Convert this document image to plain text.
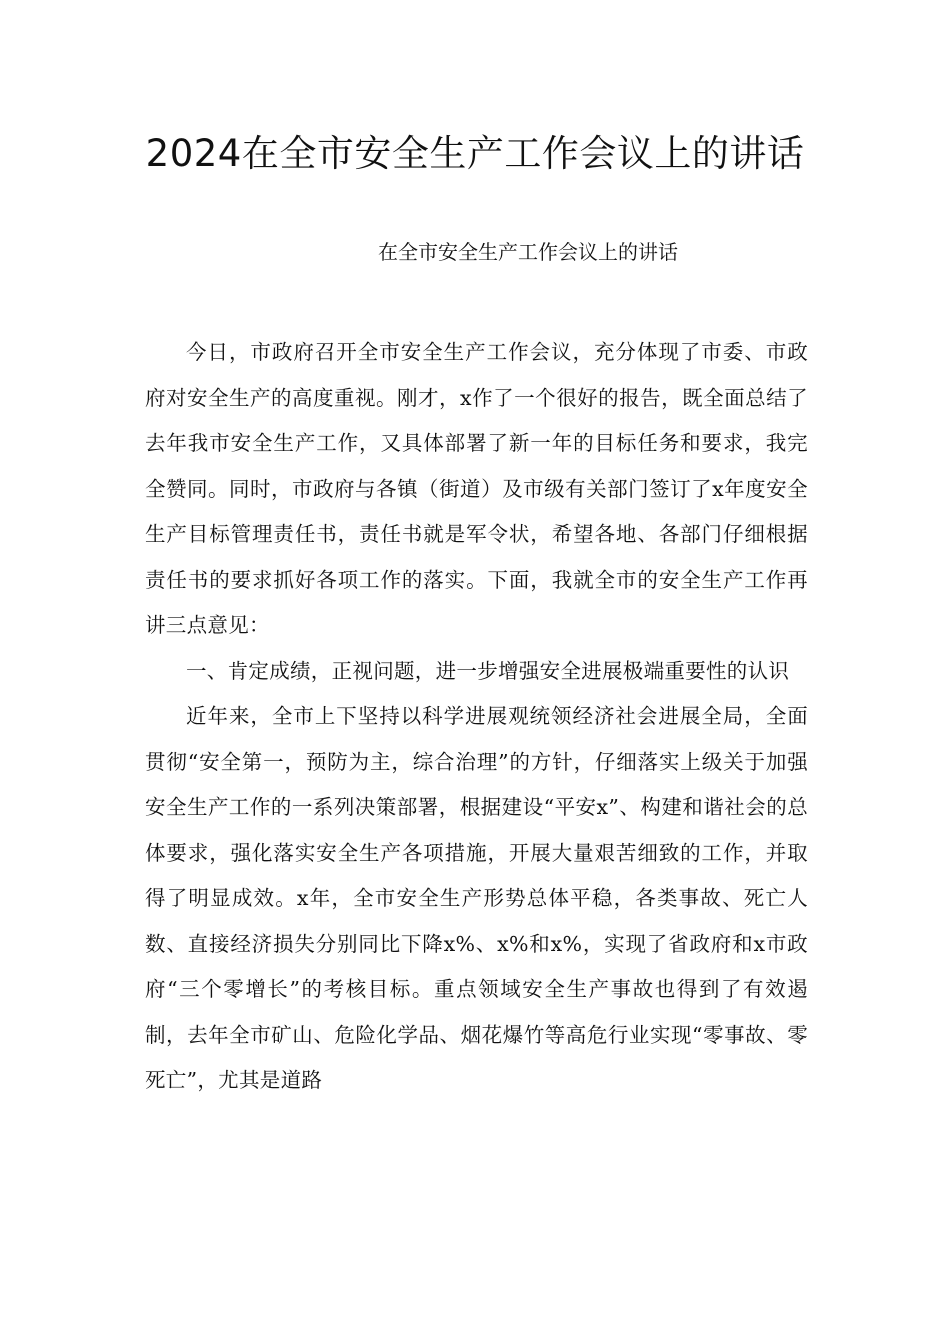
2024在全市安全生产工作会议上的讲话

在全市安全生产工作会议上的讲话

今日，市政府召开全市安全生产工作会议，充分体现了市委、市政府对安全生产的高度重视。刚才，x作了一个很好的报告，既全面总结了去年我市安全生产工作，又具体部署了新一年的目标任务和要求，我完全赞同。同时，市政府与各镇（街道）及市级有关部门签订了x年度安全生产目标管理责任书，责任书就是军令状，希望各地、各部门仔细根据责任书的要求抓好各项工作的落实。下面，我就全市的安全生产工作再讲三点意见：

一、肯定成绩，正视问题，进一步增强安全进展极端重要性的认识

近年来，全市上下坚持以科学进展观统领经济社会进展全局，全面贯彻“安全第一，预防为主，综合治理”的方针，仔细落实上级关于加强安全生产工作的一系列决策部署，根据建设“平安x”、构建和谐社会的总体要求，强化落实安全生产各项措施，开展大量艰苦细致的工作，并取得了明显成效。x年，全市安全生产形势总体平稳，各类事故、死亡人数、直接经济损失分别同比下降x%、x%和x%，实现了省政府和x市政府“三个零增长”的考核目标。重点领域安全生产事故也得到了有效遏制，去年全市矿山、危险化学品、烟花爆竹等高危行业实现“零事故、零死亡”，尤其是道路
